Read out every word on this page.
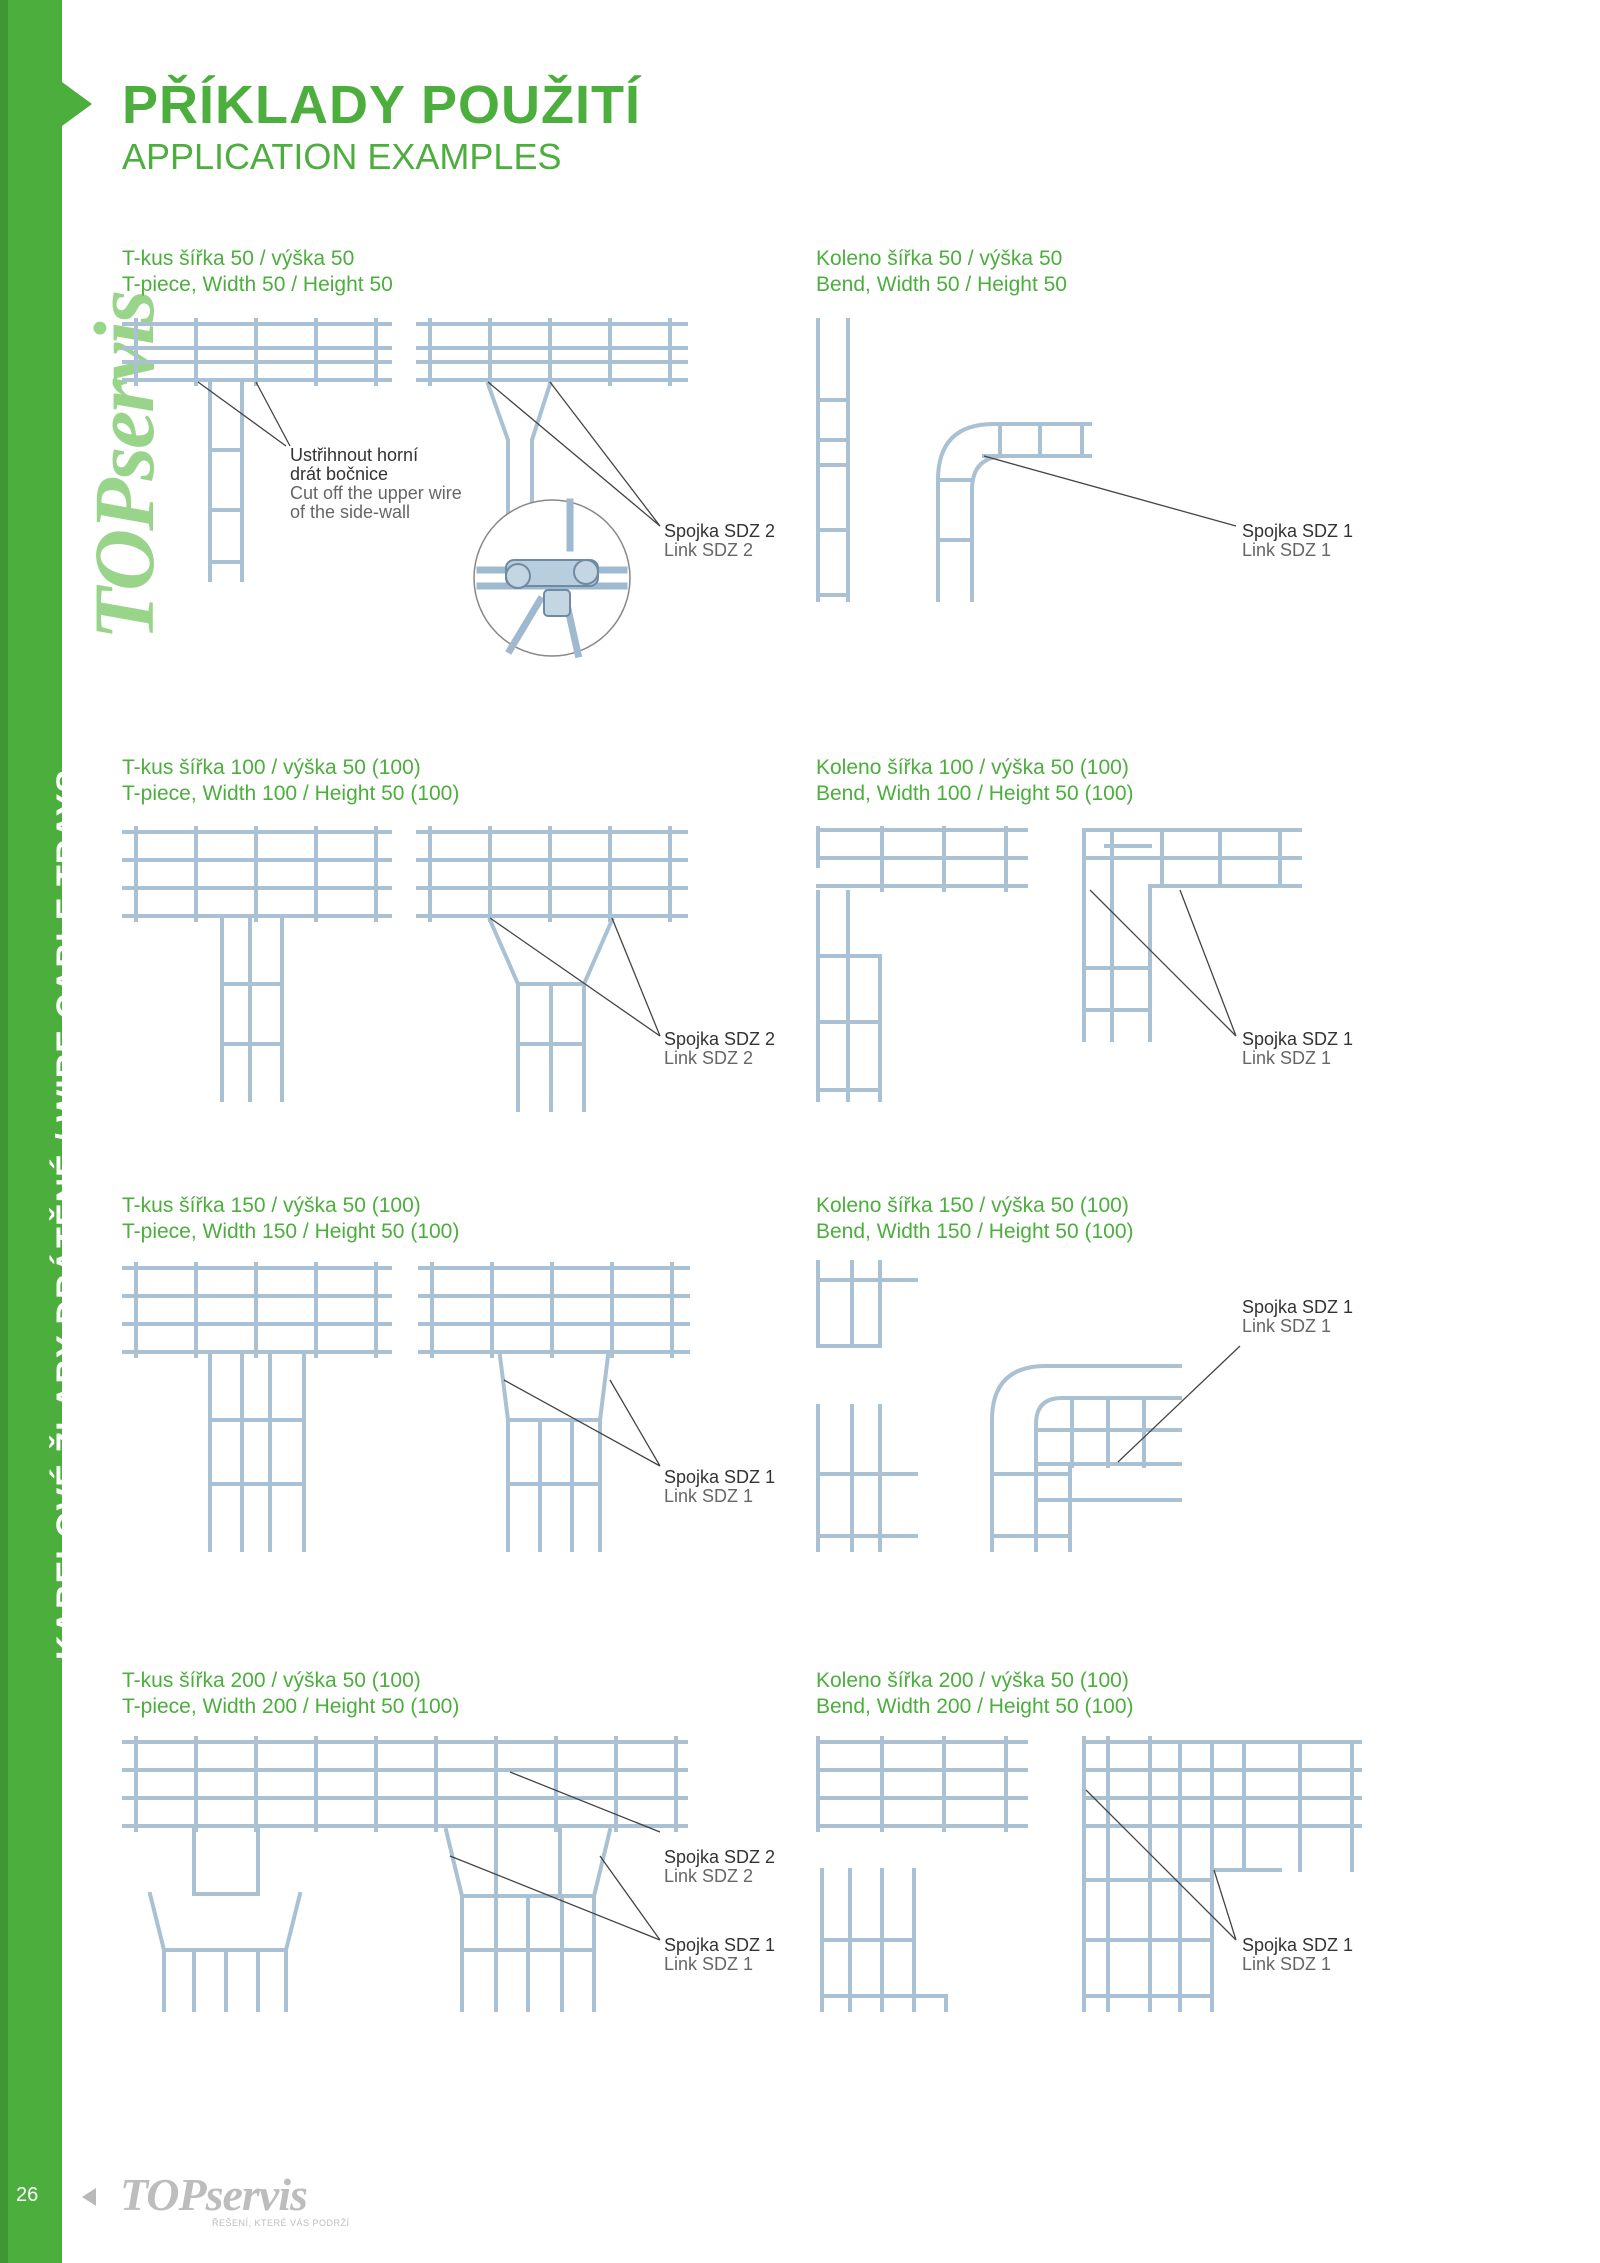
TOPservis
KABELOVÉ ŽLABY DRÁTĚNÉ / WIRE CABLE TRAYS
PŘÍKLADY POUŽITÍ
APPLICATION EXAMPLES
T-kus šířka 50 / výška 50
T-piece, Width 50 / Height 50
Koleno šířka 50 / výška 50
Bend, Width 50 / Height 50
T-kus šířka 100 / výška 50 (100)
T-piece, Width 100 / Height 50 (100)
Koleno šířka 100 / výška 50 (100)
Bend, Width 100 / Height 50 (100)
T-kus šířka 150 / výška 50 (100)
T-piece, Width 150 / Height 50 (100)
Koleno šířka 150 / výška 50 (100)
Bend, Width 150 / Height 50 (100)
T-kus šířka 200 / výška 50 (100)
T-piece, Width 200 / Height 50 (100)
Koleno šířka 200 / výška 50 (100)
Bend, Width 200 / Height 50 (100)
Ustřihnout horní
drát bočnice
Cut off the upper wire
of the side-wall
Spojka SDZ 2
Link SDZ 2
Spojka SDZ 1
Link SDZ 1
Spojka SDZ 2
Link SDZ 2
Spojka SDZ 1
Link SDZ 1
Spojka SDZ 1
Link SDZ 1
Spojka SDZ 1
Link SDZ 1
Spojka SDZ 2
Link SDZ 2
Spojka SDZ 1
Link SDZ 1
Spojka SDZ 1
Link SDZ 1
26 TOPservis
ŘEŠENÍ, KTERÉ VÁS PODRŽÍ
